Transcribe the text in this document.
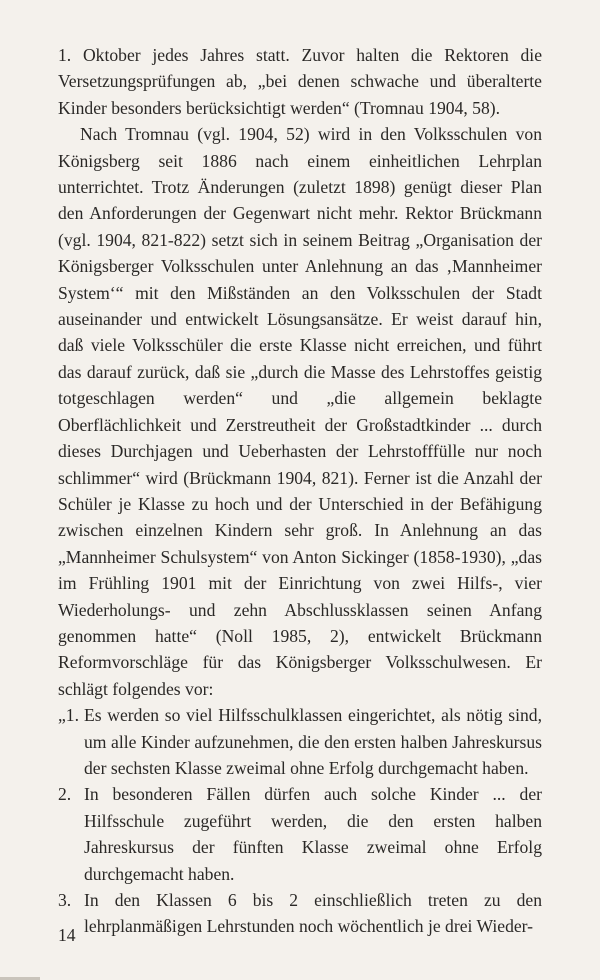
1. Oktober jedes Jahres statt. Zuvor halten die Rektoren die Versetzungsprüfungen ab, „bei denen schwache und überalterte Kinder besonders berücksichtigt werden“ (Tromnau 1904, 58).

Nach Tromnau (vgl. 1904, 52) wird in den Volksschulen von Königsberg seit 1886 nach einem einheitlichen Lehrplan unterrichtet. Trotz Änderungen (zuletzt 1898) genügt dieser Plan den Anforderungen der Gegenwart nicht mehr. Rektor Brückmann (vgl. 1904, 821-822) setzt sich in seinem Beitrag „Organisation der Königsberger Volksschulen unter Anlehnung an das ‚Mannheimer System‘“ mit den Mißständen an den Volksschulen der Stadt auseinander und entwickelt Lösungsansätze. Er weist darauf hin, daß viele Volksschüler die erste Klasse nicht erreichen, und führt das darauf zurück, daß sie „durch die Masse des Lehrstoffes geistig totgeschlagen werden“ und „die allgemein beklagte Oberflächlichkeit und Zerstreutheit der Großstadtkinder ... durch dieses Durchjagen und Ueberhasten der Lehrstofffülle nur noch schlimmer“ wird (Brückmann 1904, 821). Ferner ist die Anzahl der Schüler je Klasse zu hoch und der Unterschied in der Befähigung zwischen einzelnen Kindern sehr groß. In Anlehnung an das „Mannheimer Schulsystem“ von Anton Sickinger (1858-1930), „das im Frühling 1901 mit der Einrichtung von zwei Hilfs-, vier Wiederholungs- und zehn Abschlussklassen seinen Anfang genommen hatte“ (Noll 1985, 2), entwickelt Brückmann Reformvorschläge für das Königsberger Volksschulwesen. Er schlägt folgendes vor:

„1. Es werden so viel Hilfsschulklassen eingerichtet, als nötig sind, um alle Kinder aufzunehmen, die den ersten halben Jahreskursus der sechsten Klasse zweimal ohne Erfolg durchgemacht haben.
2. In besonderen Fällen dürfen auch solche Kinder ... der Hilfsschule zugeführt werden, die den ersten halben Jahreskursus der fünften Klasse zweimal ohne Erfolg durchgemacht haben.
3. In den Klassen 6 bis 2 einschließlich treten zu den lehrplanmäßigen Lehrstunden noch wöchentlich je drei Wieder-
14
